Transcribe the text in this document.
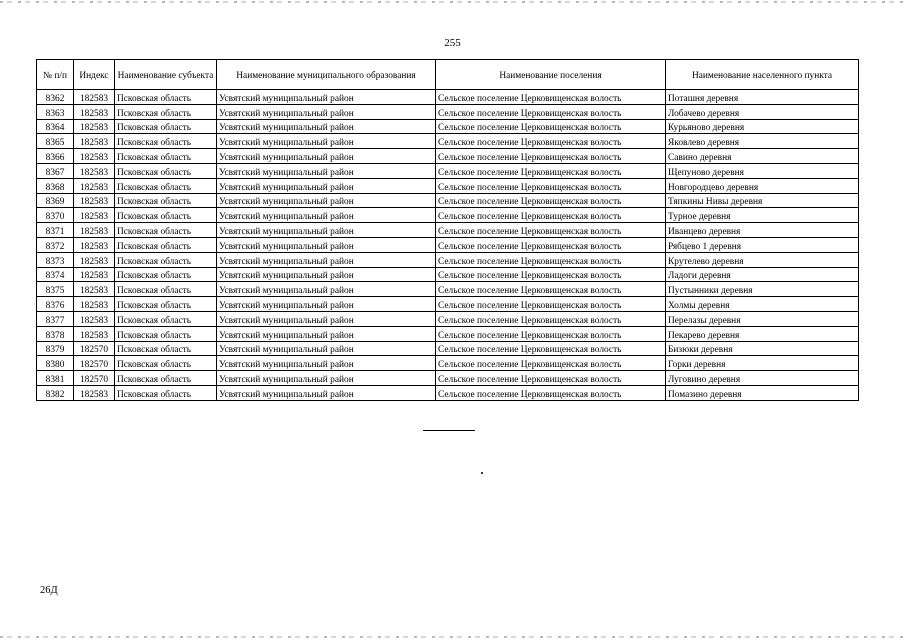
255
№ п/п	Индекс	Наименование субъекта	Наименование муниципального образования	Наименование поселения	Наименование населенного пункта
8362	182583	Псковская область	Усвятский муниципальный район	Сельское поселение Церковищенская волость	Поташня деревня
8363	182583	Псковская область	Усвятский муниципальный район	Сельское поселение Церковищенская волость	Лобачево деревня
8364	182583	Псковская область	Усвятский муниципальный район	Сельское поселение Церковищенская волость	Курьяново деревня
8365	182583	Псковская область	Усвятский муниципальный район	Сельское поселение Церковищенская волость	Яковлево деревня
8366	182583	Псковская область	Усвятский муниципальный район	Сельское поселение Церковищенская волость	Савино деревня
8367	182583	Псковская область	Усвятский муниципальный район	Сельское поселение Церковищенская волость	Щепуново деревня
8368	182583	Псковская область	Усвятский муниципальный район	Сельское поселение Церковищенская волость	Новгородцево деревня
8369	182583	Псковская область	Усвятский муниципальный район	Сельское поселение Церковищенская волость	Тяпкины Нивы деревня
8370	182583	Псковская область	Усвятский муниципальный район	Сельское поселение Церковищенская волость	Турное деревня
8371	182583	Псковская область	Усвятский муниципальный район	Сельское поселение Церковищенская волость	Иванцево деревня
8372	182583	Псковская область	Усвятский муниципальный район	Сельское поселение Церковищенская волость	Рябцево 1 деревня
8373	182583	Псковская область	Усвятский муниципальный район	Сельское поселение Церковищенская волость	Крутелево деревня
8374	182583	Псковская область	Усвятский муниципальный район	Сельское поселение Церковищенская волость	Ладоги деревня
8375	182583	Псковская область	Усвятский муниципальный район	Сельское поселение Церковищенская волость	Пустынники деревня
8376	182583	Псковская область	Усвятский муниципальный район	Сельское поселение Церковищенская волость	Холмы деревня
8377	182583	Псковская область	Усвятский муниципальный район	Сельское поселение Церковищенская волость	Перелазы деревня
8378	182583	Псковская область	Усвятский муниципальный район	Сельское поселение Церковищенская волость	Пекарево деревня
8379	182570	Псковская область	Усвятский муниципальный район	Сельское поселение Церковищенская волость	Бизюки деревня
8380	182570	Псковская область	Усвятский муниципальный район	Сельское поселение Церковищенская волость	Горки деревня
8381	182570	Псковская область	Усвятский муниципальный район	Сельское поселение Церковищенская волость	Луговино деревня
8382	182583	Псковская область	Усвятский муниципальный район	Сельское поселение Церковищенская волость	Помазино деревня
26Д
